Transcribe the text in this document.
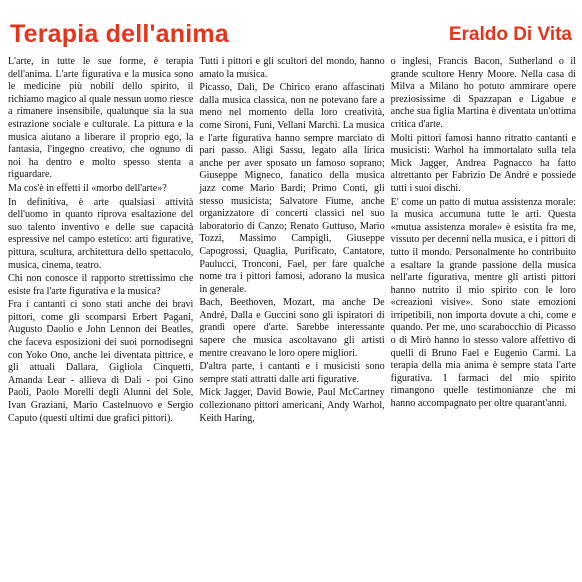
Terapia dell'anima	Eraldo Di Vita

L'arte, in tutte le sue forme, è terapia dell'anima. L'arte figurativa e la musica sono le medicine più nobili dello spirito, il richiamo magico al quale nessun uomo riesce a rimanere insensibile, qualunque sia la sua estrazione sociale e culturale. La pittura e la musica aiutano a liberare il proprio ego, la fantasia, l'ingegno creativo, che ognuno di noi ha dentro e molto spesso stenta a riguardare.

Ma cos'è in effetti il «morbo dell'arte»?

In definitiva, è arte qualsiasi attività dell'uomo in quanto riprova esaltazione del suo talento inventivo e delle sue capacità espressive nel campo estetico: arti figurative, pittura, scultura, architettura dello spettacolo, musica, cinema, teatro.

Chi non conosce il rapporto strettissimo che esiste fra l'arte figurativa e la musica?

Fra i cantanti ci sono stati anche dei bravi pittori, come gli scomparsi Erbert Pagani, Augusto Daolio e John Lennon dei Beatles, che faceva esposizioni dei suoi pornodisegni con Yoko Ono, anche lei diventata pittrice, e gli attuali Dallara, Gigliola Cinquetti, Amanda Lear - allieva di Dalì - poi Gino Paoli, Paolo Morelli degli Alunni del Sole, Ivan Graziani, Mario Castelnuovo e Sergio Caputo (questi ultimi due grafici pittori).

Tutti i pittori e gli scultori del mondo, hanno amato la musica.

Picasso, Dalì, De Chirico erano affascinati dalla musica classica, non ne potevano fare a meno nel momento della loro creatività, come Sironi, Funi, Vellani Marchi. La musica e l'arte figurativa hanno sempre marciato di pari passo. Aligi Sassu, legato alla lirica anche per aver sposato un famoso soprano; Giuseppe Migneco, fanatico della musica jazz come Mario Bardi; Primo Conti, gli stesso musicista; Salvatore Fiume, anche organizzatore di concerti classici nel suo laboratorio di Canzo; Renato Guttuso, Mario Tozzi, Massimo Campigli, Giuseppe Capogrossi, Quaglia, Purificato, Cantatore, Paulucci, Tronconi, Fael, per fare qualche nome tra i pittori famosi, adorano la musica in generale.

Bach, Beethoven, Mozart, ma anche De André, Dalla e Guccini sono gli ispiratori di grandi opere d'arte. Sarebbe interessante sapere che musica ascoltavano gli artisti mentre creavano le loro opere migliori.

D'altra parte, i cantanti e i musicisti sono sempre stati attratti dalle arti figurative.

Mick Jagger, David Bowie, Paul McCartney collezionano pittori americani, Andy Warhol, Keith Haring,

o inglesi, Francis Bacon, Sutherland o il grande scultore Henry Moore. Nella casa di Milva a Milano ho potuto ammirare opere preziosissime di Spazzapan e Ligabue e anche sua figlia Martina è diventata un'ottima critica d'arte.

Molti pittori famosi hanno ritratto cantanti e musicisti: Warhol ha immortalato sulla tela Mick Jagger, Andrea Pagnacco ha fatto altrettanto per Fabrizio De André e possiede tutti i suoi dischi.

E' come un patto di mutua assistenza morale: la musica accumuna tutte le arti. Questa «mutua assistenza morale» è esistita fra me, vissuto per decenni nella musica, e i pittori di tutto il mondo. Personalmente ho contribuito a esaltare la grande passione della musica nell'arte figurativa, mentre gli artisti pittori hanno nutrito il mio spirito con le loro «creazioni visive». Sono state emozioni irripetibili, non importa dovute a chi, come e quando. Per me, uno scarabocchio di Picasso o di Mirò hanno lo stesso valore affettivo di quelli di Bruno Fael e Eugenio Carmi. La terapia della mia anima è sempre stata l'arte figurativa. I farmaci del mio spirito rimangono quelle testimonianze che mi hanno accompagnato per oltre quarant'anni.
